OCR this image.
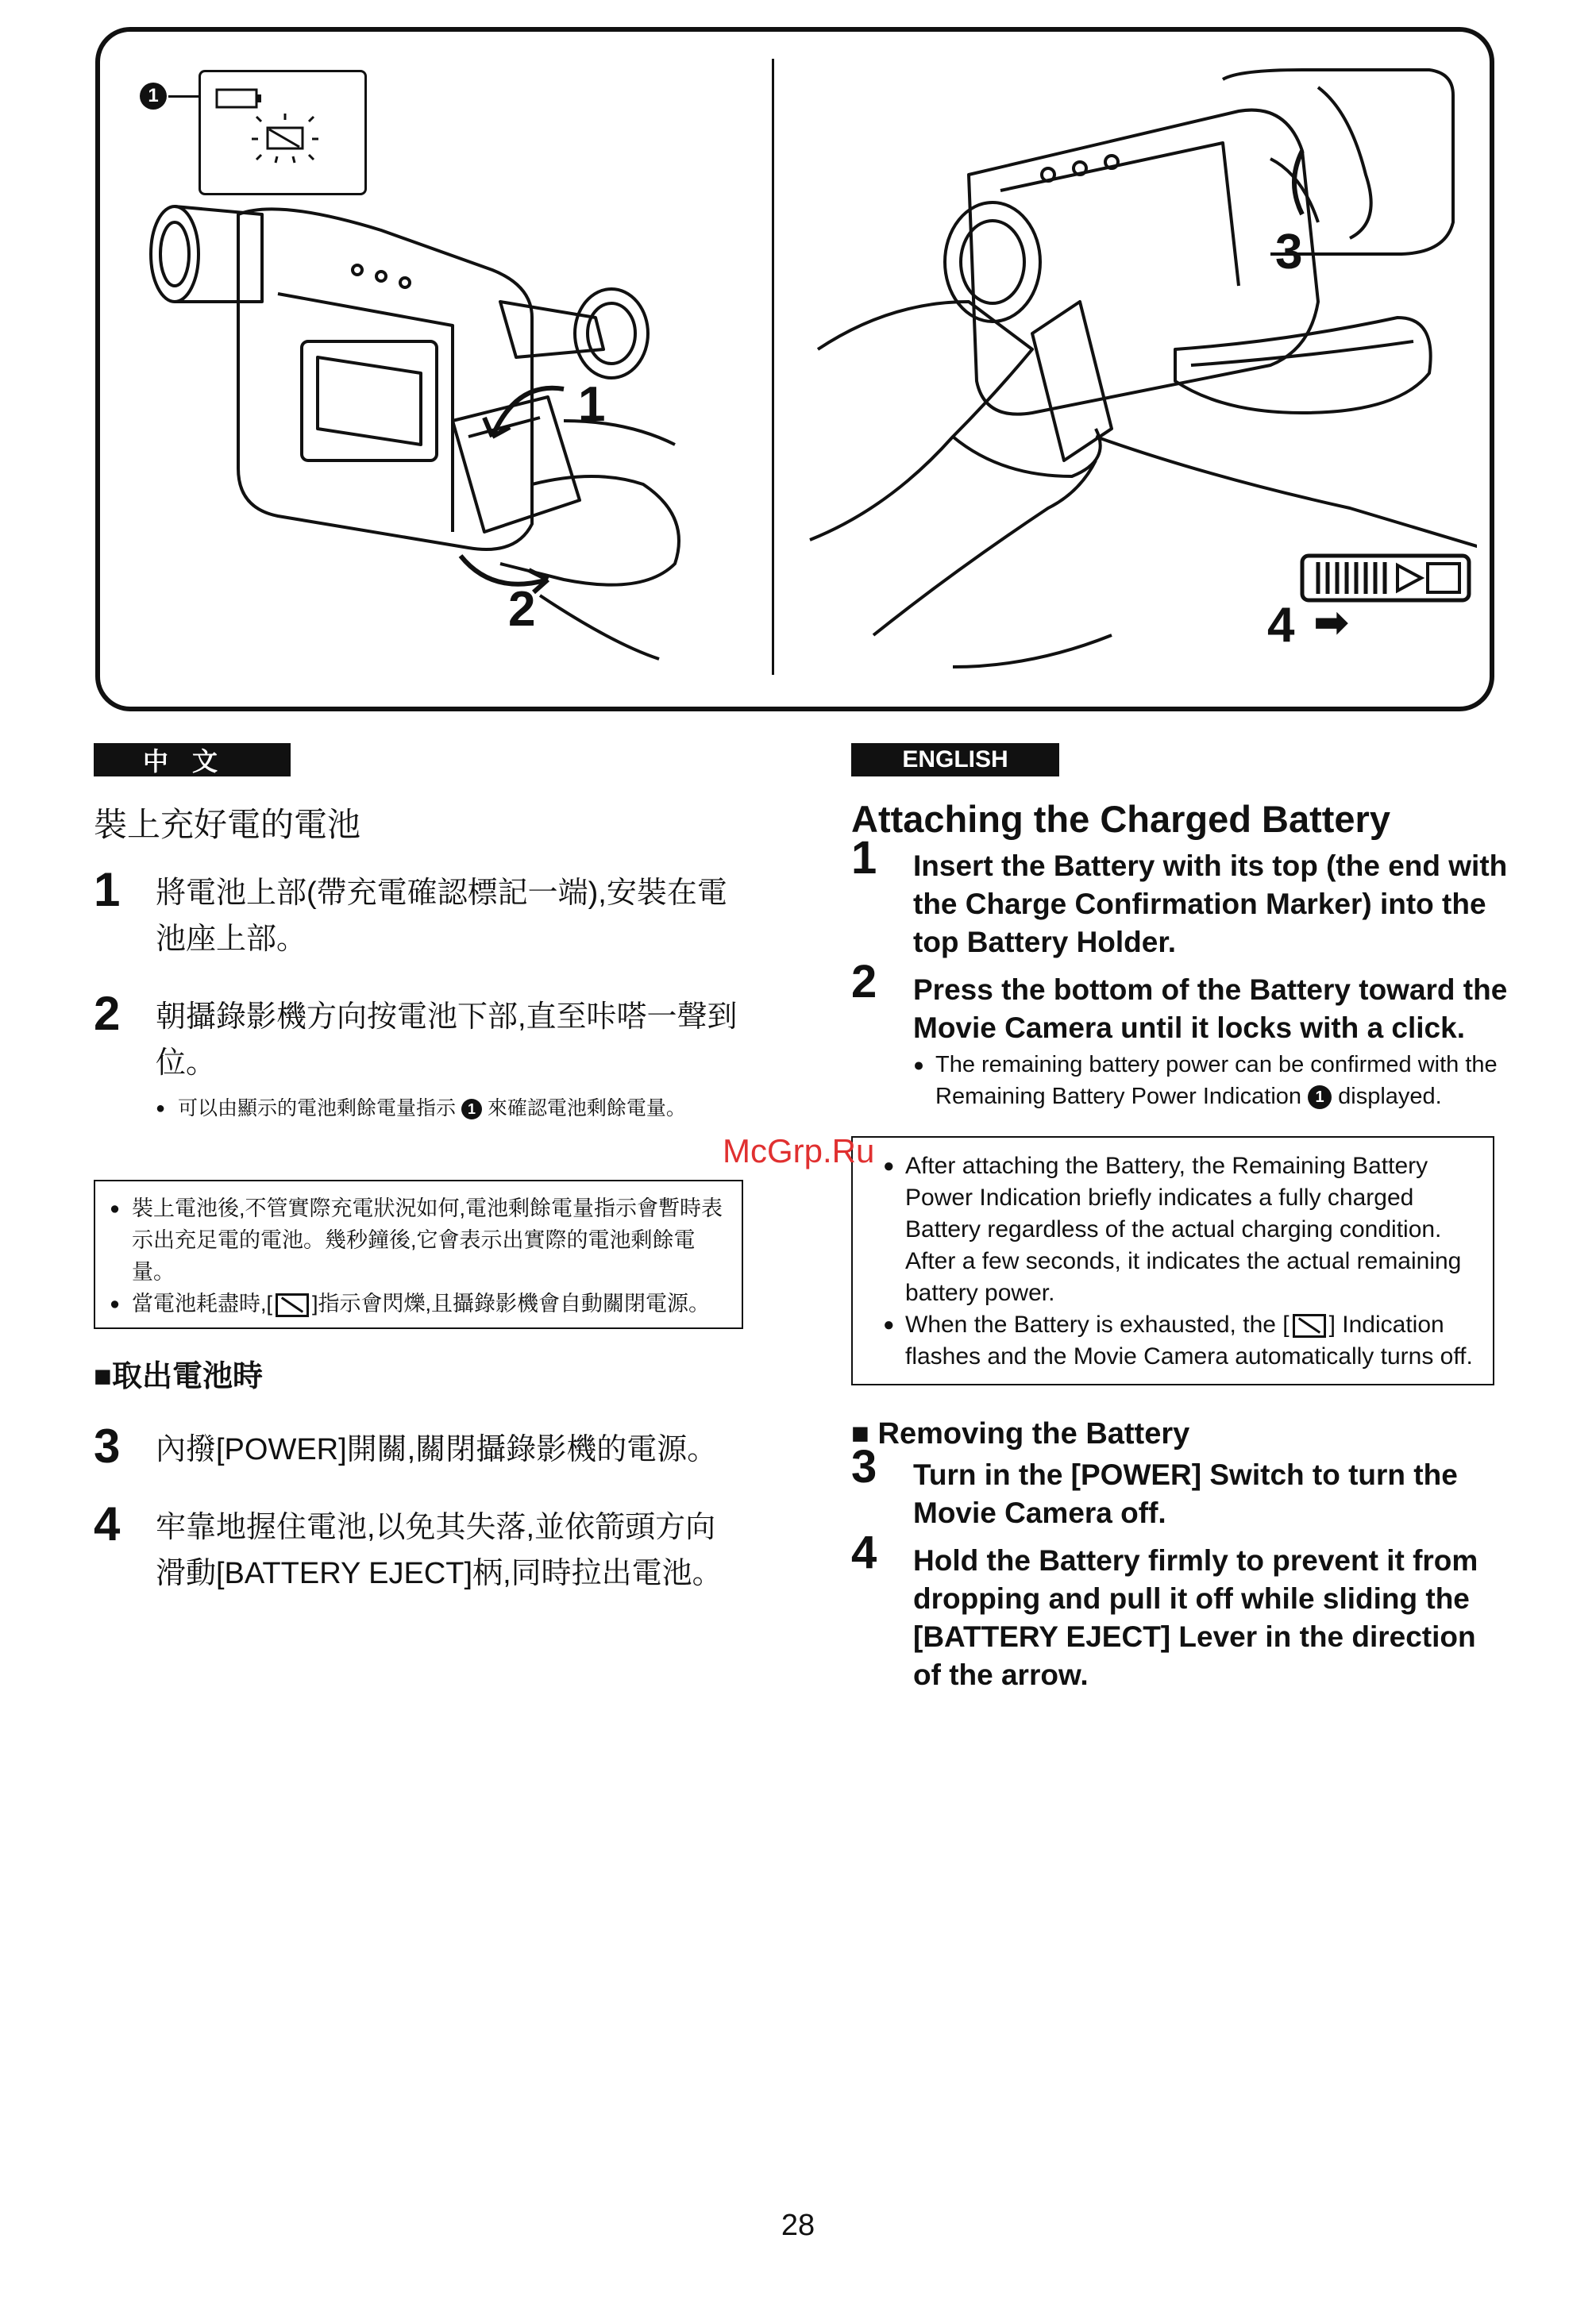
1
1
2
3
4 ➡
中文	ENGLISH
裝上充好電的電池
1 將電池上部(帶充電確認標記一端),安裝在電池座上部。
2 朝攝錄影機方向按電池下部,直至咔嗒一聲到位。
● 可以由顯示的電池剩餘電量指示 1 來確認電池剩餘電量。
● 裝上電池後,不管實際充電狀況如何,電池剩餘電量指示會暫時表示出充足電的電池。幾秒鐘後,它會表示出實際的電池剩餘電量。
● 當電池耗盡時,[ ]指示會閃爍,且攝錄影機會自動關閉電源。
■取出電池時
3 內撥[POWER]開關,關閉攝錄影機的電源。
4 牢靠地握住電池,以免其失落,並依箭頭方向滑動[BATTERY EJECT]柄,同時拉出電池。
Attaching the Charged Battery
1 Insert the Battery with its top (the end with the Charge Confirmation Marker) into the top Battery Holder.
2 Press the bottom of the Battery toward the Movie Camera until it locks with a click.
● The remaining battery power can be confirmed with the Remaining Battery Power Indication 1 displayed.
● After attaching the Battery, the Remaining Battery Power Indication briefly indicates a fully charged Battery regardless of the actual charging condition. After a few seconds, it indicates the actual remaining battery power.
● When the Battery is exhausted, the [ ] Indication flashes and the Movie Camera automatically turns off.
■ Removing the Battery
3 Turn in the [POWER] Switch to turn the Movie Camera off.
4 Hold the Battery firmly to prevent it from dropping and pull it off while sliding the [BATTERY EJECT] Lever in the direction of the arrow.
McGrp.Ru
28
